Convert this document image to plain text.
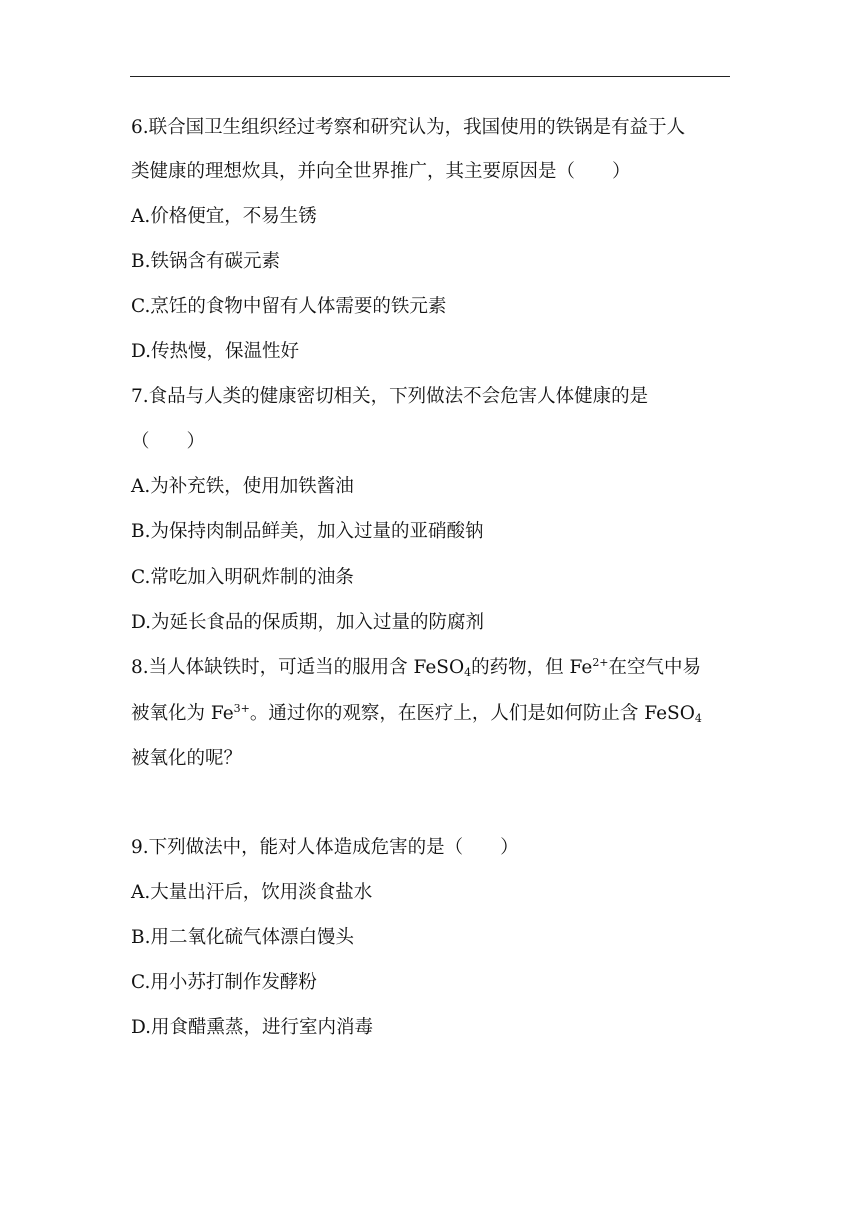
6.联合国卫生组织经过考察和研究认为，我国使用的铁锅是有益于人
类健康的理想炊具，并向全世界推广，其主要原因是（　　）
A.价格便宜，不易生锈
B.铁锅含有碳元素
C.烹饪的食物中留有人体需要的铁元素
D.传热慢，保温性好
7.食品与人类的健康密切相关，下列做法不会危害人体健康的是
（　　）
A.为补充铁，使用加铁酱油
B.为保持肉制品鲜美，加入过量的亚硝酸钠
C.常吃加入明矾炸制的油条
D.为延长食品的保质期，加入过量的防腐剂
8.当人体缺铁时，可适当的服用含 FeSO$_4$的药物，但 $Fe^{2+}$在空气中易
被氧化为 $Fe^{3+}$。通过你的观察，在医疗上，人们是如何防止含 FeSO$_4$
被氧化的呢？
9.下列做法中，能对人体造成危害的是（　　）
A.大量出汗后，饮用淡食盐水
B.用二氧化硫气体漂白馒头
C.用小苏打制作发酵粉
D.用食醋熏蒸，进行室内消毒
